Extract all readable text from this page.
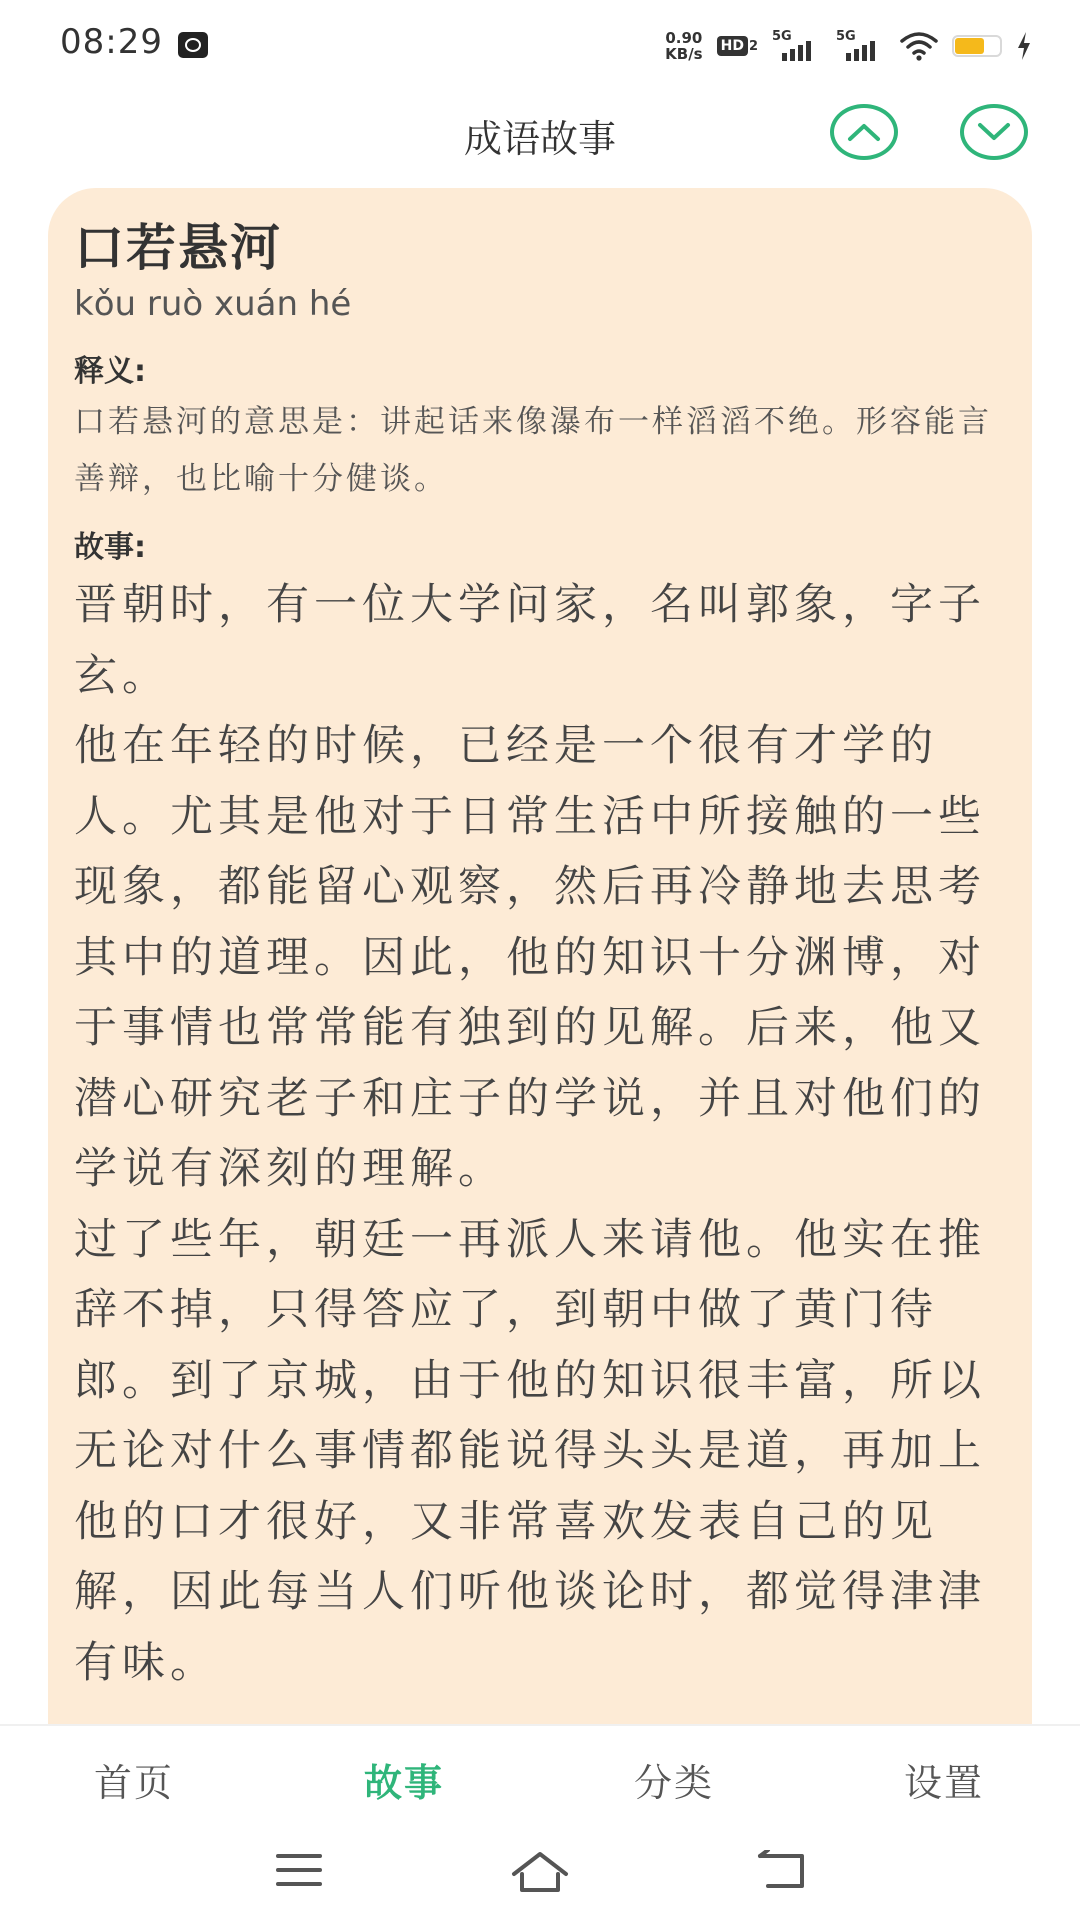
08:29	0.90
KB/s HD 2
5G	5G
成语故事
口若悬河
kǒu ruò xuán hé
释义:
口若悬河的意思是：讲起话来像瀑布一样滔滔不绝。形容能言善辩，也比喻十分健谈。
故事:

晋朝时，有一位大学问家，名叫郭象，字子玄。

他在年轻的时候，已经是一个很有才学的人。尤其是他对于日常生活中所接触的一些现象，都能留心观察，然后再冷静地去思考其中的道理。因此，他的知识十分渊博，对于事情也常常能有独到的见解。后来，他又潜心研究老子和庄子的学说，并且对他们的学说有深刻的理解。

过了些年，朝廷一再派人来请他。他实在推辞不掉，只得答应了，到朝中做了黄门待郎。到了京城，由于他的知识很丰富，所以无论对什么事情都能说得头头是道，再加上他的口才很好，又非常喜欢发表自己的见解，因此每当人们听他谈论时，都觉得津津有味。

首页	故事	分类	设置
